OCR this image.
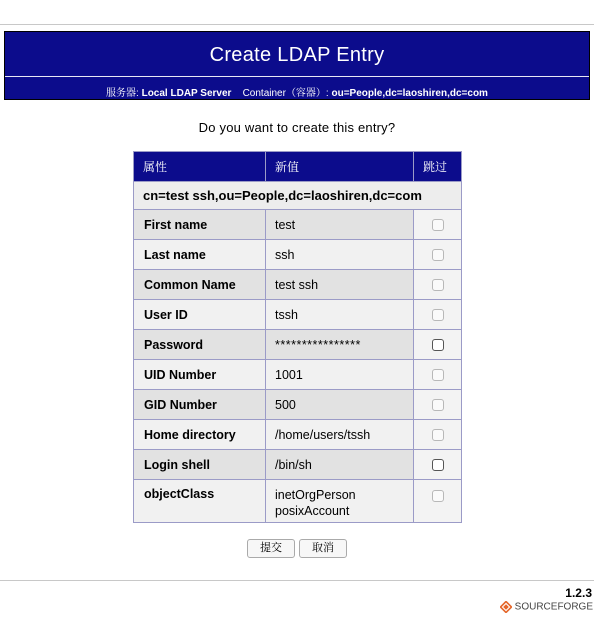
Create LDAP Entry
服务器: Local LDAP Server Container（容器）: ou=People,dc=laoshiren,dc=com
Do you want to create this entry?
属性	新值	跳过
cn=test ssh,ou=People,dc=laoshiren,dc=com		
First name	test	
Last name	ssh	
Common Name	test ssh	
User ID	tssh	
Password	****************	
UID Number	1001	
GID Number	500	
Home directory	/home/users/tssh	
Login shell	/bin/sh	
objectClass	inetOrgPerson
posixAccount	

提交	取消
1.2.3
SOURCEFORGE
